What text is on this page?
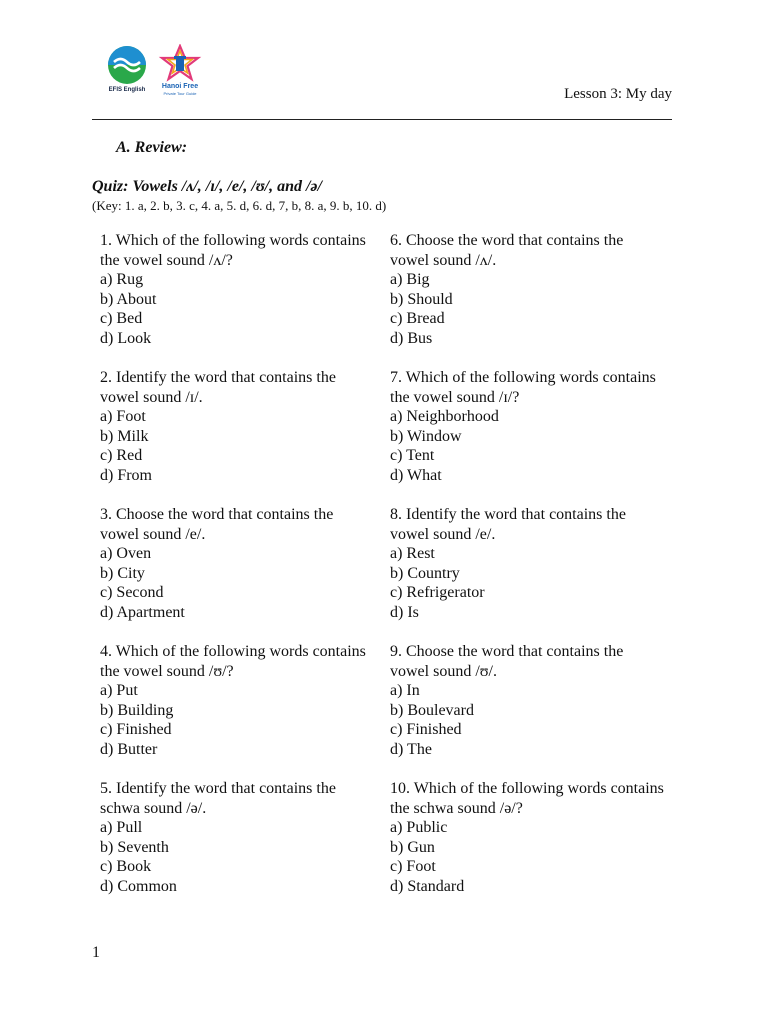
EFIS English	Hanoi Free
Private Tour Guide	Lesson 3: My day
A. Review:
Quiz: Vowels /ʌ/, /ɪ/, /e/, /ʊ/, and /ə/
(Key: 1. a, 2. b, 3. c, 4. a, 5. d, 6. d, 7, b, 8. a, 9. b, 10. d)

1. Which of the following words contains the vowel sound /ʌ/?

a) Rug

b) About

c) Bed

d) Look

2. Identify the word that contains the vowel sound /ɪ/.

a) Foot

b) Milk

c) Red

d) From

3. Choose the word that contains the vowel sound /e/.

a) Oven

b) City

c) Second

d) Apartment

4. Which of the following words contains the vowel sound /ʊ/?

a) Put

b) Building

c) Finished

d) Butter

5. Identify the word that contains the schwa sound /ə/.

a) Pull

b) Seventh

c) Book

d) Common

6. Choose the word that contains the vowel sound /ʌ/.

a) Big

b) Should

c) Bread

d) Bus

7. Which of the following words contains the vowel sound /ɪ/?

a) Neighborhood

b) Window

c) Tent

d) What

8. Identify the word that contains the vowel sound /e/.

a) Rest

b) Country

c) Refrigerator

d) Is

9. Choose the word that contains the vowel sound /ʊ/.

a) In

b) Boulevard

c) Finished

d) The

10. Which of the following words contains the schwa sound /ə/?

a) Public

b) Gun

c) Foot

d) Standard

1
